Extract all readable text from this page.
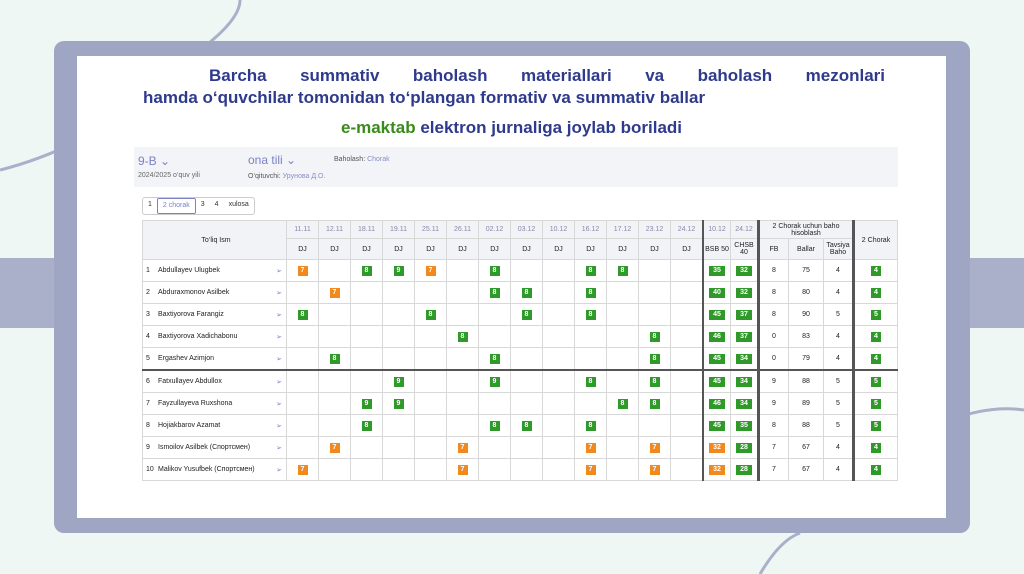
Barcha summativ baholash materiallari va baholash mezonlari
hamda o‘quvchilar tomonidan to‘plangan formativ va summativ ballar
e-maktab elektron jurnaliga joylab boriladi
9-B ⌄
2024/2025 o‘quv yili
ona tili ⌄	Baholash: Chorak
O‘qituvchi: Урунова Д.О.
1	2 chorak	3	4	xulosa
To‘liq Ism	11.11	12.11	18.11	19.11	25.11	26.11	02.12	03.12	10.12	16.12	17.12	23.12	24.12	10.12	24.12	2 Chorak uchun baho hisoblash			2 Chorak
	DJ	DJ	DJ	DJ	DJ	DJ	DJ	DJ	DJ	DJ	DJ	DJ	DJ	BSB 50	CHSB 40	FB	Ballar	Tavsiya Baho	
1 Abdullayev Ulugbek ➢	7		8	9	7		8			8	8			35	32	8	75	4	4
2 Abduraxmonov Asilbek ➢		7					8	8		8				40	32	8	80	4	4
3 Baxtiyorova Farangiz ➢	8				8			8		8				45	37	8	90	5	5
4 Baxtiyorova Xadichabonu ➢						8						8		46	37	0	83	4	4
5 Ergashev Azimjon ➢		8					8					8		45	34	0	79	4	4
6 Fatxullayev Abdullox ➢				9			9			8		8		45	34	9	88	5	5
7 Fayzullayeva Ruxshona ➢			9	9							8	8		46	34	9	89	5	5
8 Hojiakbarov Azamat ➢			8				8	8		8				45	35	8	88	5	5
9 Ismoilov Asilbek (Спортсмен) ➢		7				7				7		7		32	28	7	67	4	4
10 Malikov Yusufbek (Спортсмен) ➢	7					7				7		7		32	28	7	67	4	4
